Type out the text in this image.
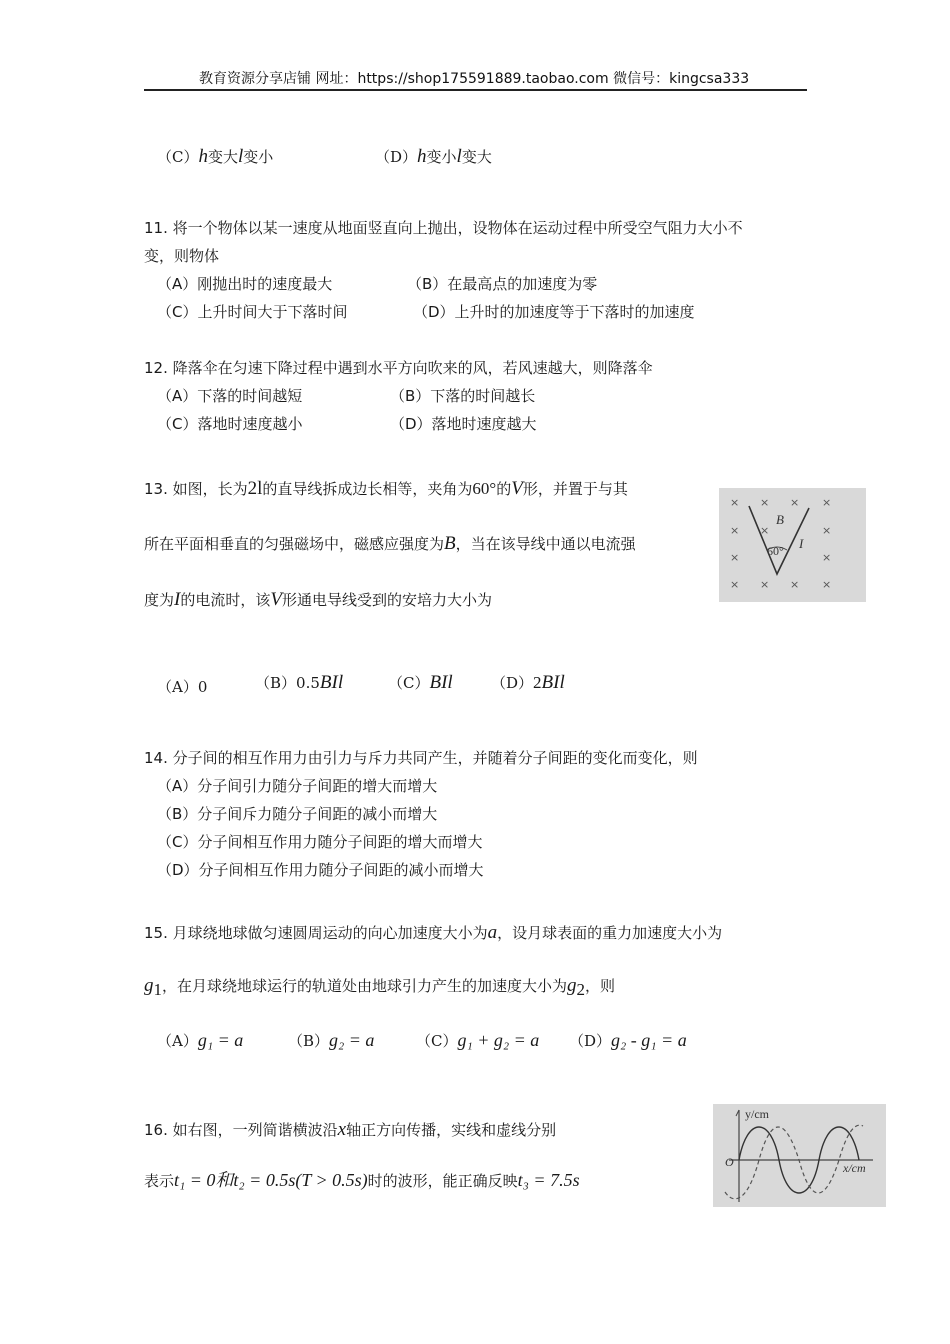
教育资源分享店铺 网址：https://shop175591889.taobao.com 微信号：kingcsa333
（C）h变大l变小	（D）h变小l变大
11. 将一个物体以某一速度从地面竖直向上抛出，设物体在运动过程中所受空气阻力大小不
变，则物体
（A）刚抛出时的速度最大	（B）在最高点的加速度为零
（C）上升时间大于下落时间	（D）上升时的加速度等于下落时的加速度
12. 降落伞在匀速下降过程中遇到水平方向吹来的风，若风速越大，则降落伞
（A）下落的时间越短	（B）下落的时间越长
（C）落地时速度越小	（D）落地时速度越大
13. 如图，长为2l的直导线拆成边长相等，夹角为60°的V形，并置于与其
所在平面相垂直的匀强磁场中，磁感应强度为B，当在该导线中通以电流强
度为I的电流时，该V形通电导线受到的安培力大小为
× × × ×
× ×	×
×	×
× × × ×
B
60° I
（A）0	（B）0.5BIl	（C）BIl	（D）2BIl
14. 分子间的相互作用力由引力与斥力共同产生，并随着分子间距的变化而变化，则
（A）分子间引力随分子间距的增大而增大
（B）分子间斥力随分子间距的减小而增大
（C）分子间相互作用力随分子间距的增大而增大
（D）分子间相互作用力随分子间距的减小而增大
15. 月球绕地球做匀速圆周运动的向心加速度大小为a，设月球表面的重力加速度大小为
$g_1$，在月球绕地球运行的轨道处由地球引力产生的加速度大小为$g_2$，则
（A）g₁ = a	（B）g₂ = a	（C）g₁ + g₂ = a （D）g₂ - g₁ = a
16. 如右图，一列简谐横波沿x轴正方向传播，实线和虚线分别
表示t₁ = 0和t₂ = 0.5s(T > 0.5s)时的波形，能正确反映t₃ = 7.5s
y/cm
x/cm
O
